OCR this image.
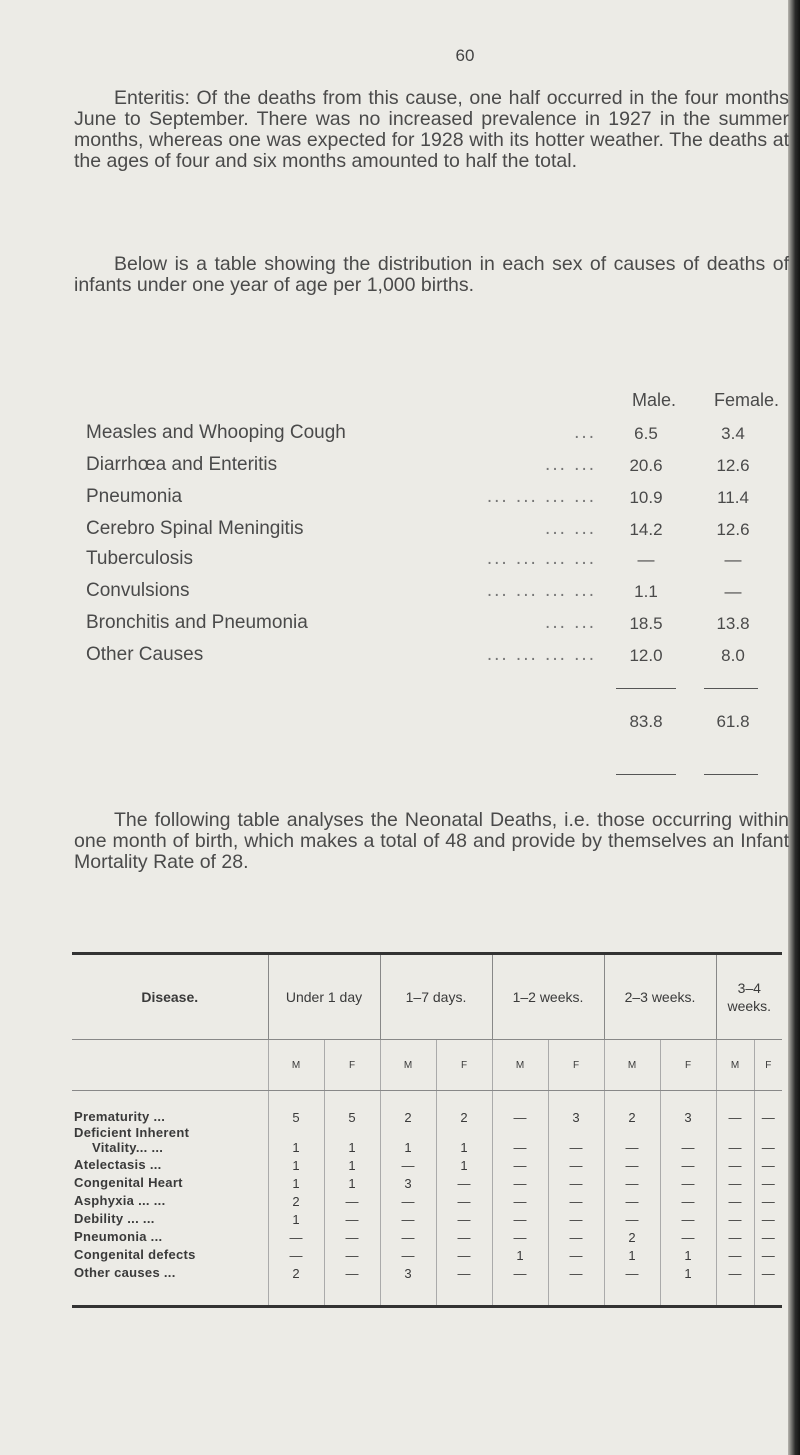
60

Enteritis: Of the deaths from this cause, one half occurred in the four months June to September. There was no increased prevalence in 1927 in the summer months, whereas one was expected for 1928 with its hotter weather. The deaths at the ages of four and six months amounted to half the total.

Below is a table showing the distribution in each sex of causes of deaths of infants under one year of age per 1,000 births.

Male. Female.
Measles and Whooping Cough	...	6.5	3.4
Diarrhœa and Enteritis	... ...	20.6	12.6
Pneumonia	... ... ... ...	10.9	11.4
Cerebro Spinal Meningitis	... ...	14.2	12.6
Tuberculosis	... ... ... ...	—	—
Convulsions	... ... ... ...	1.1	—
Bronchitis and Pneumonia	... ...	18.5	13.8
Other Causes	... ... ... ...	12.0	8.0
83.8	61.8

The following table analyses the Neonatal Deaths, i.e. those occurring within one month of birth, which makes a total of 48 and provide by themselves an Infant Mortality Rate of 28.

Disease.	Under 1 day		1–7 days.		1–2 weeks.		2–3 weeks.		3–4 weeks.	
	M	F	M	F	M	F	M	F	M	F

Prematurity ...	5	5	2	2	—	3	2	3	—	—

Deficient Inherent
Vitality... ...	1	1	1	1	—	—	—	—	—	—

Atelectasis ...	1	1	—	1	—	—	—	—	—	—

Congenital Heart	1	1	3	—	—	—	—	—	—	—

Asphyxia ... ...	2	—	—	—	—	—	—	—	—	—

Debility ... ...	1	—	—	—	—	—	—	—	—	—

Pneumonia ...	—	—	—	—	—	—	2	—	—	—

Congenital defects	—	—	—	—	1	—	1	1	—	—

Other causes ...	2	—	3	—	—	—	—	1	—	—
